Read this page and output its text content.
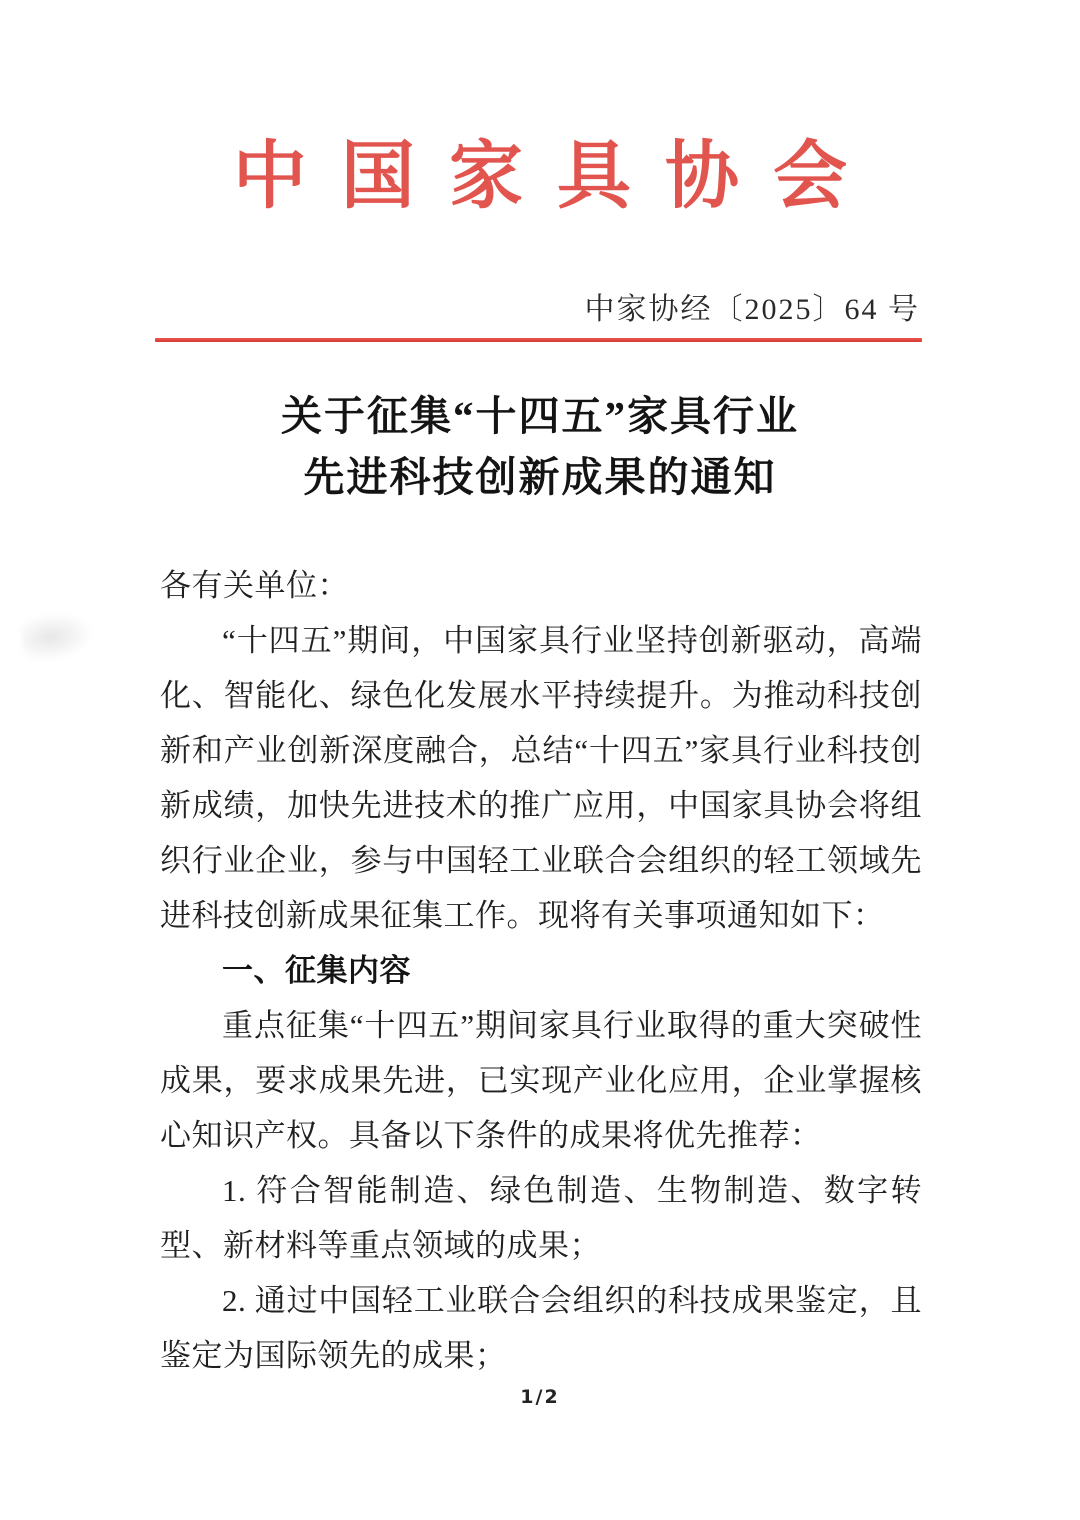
中国家具协会
中家协经〔2025〕64 号
关于征集“十四五”家具行业
先进科技创新成果的通知
各有关单位：

“十四五”期间，中国家具行业坚持创新驱动，高端化、智能化、绿色化发展水平持续提升。为推动科技创新和产业创新深度融合，总结“十四五”家具行业科技创新成绩，加快先进技术的推广应用，中国家具协会将组织行业企业，参与中国轻工业联合会组织的轻工领域先进科技创新成果征集工作。现将有关事项通知如下：

一、征集内容

重点征集“十四五”期间家具行业取得的重大突破性成果，要求成果先进，已实现产业化应用，企业掌握核心知识产权。具备以下条件的成果将优先推荐：

1. 符合智能制造、绿色制造、生物制造、数字转型、新材料等重点领域的成果；

2. 通过中国轻工业联合会组织的科技成果鉴定，且鉴定为国际领先的成果；

1/2
